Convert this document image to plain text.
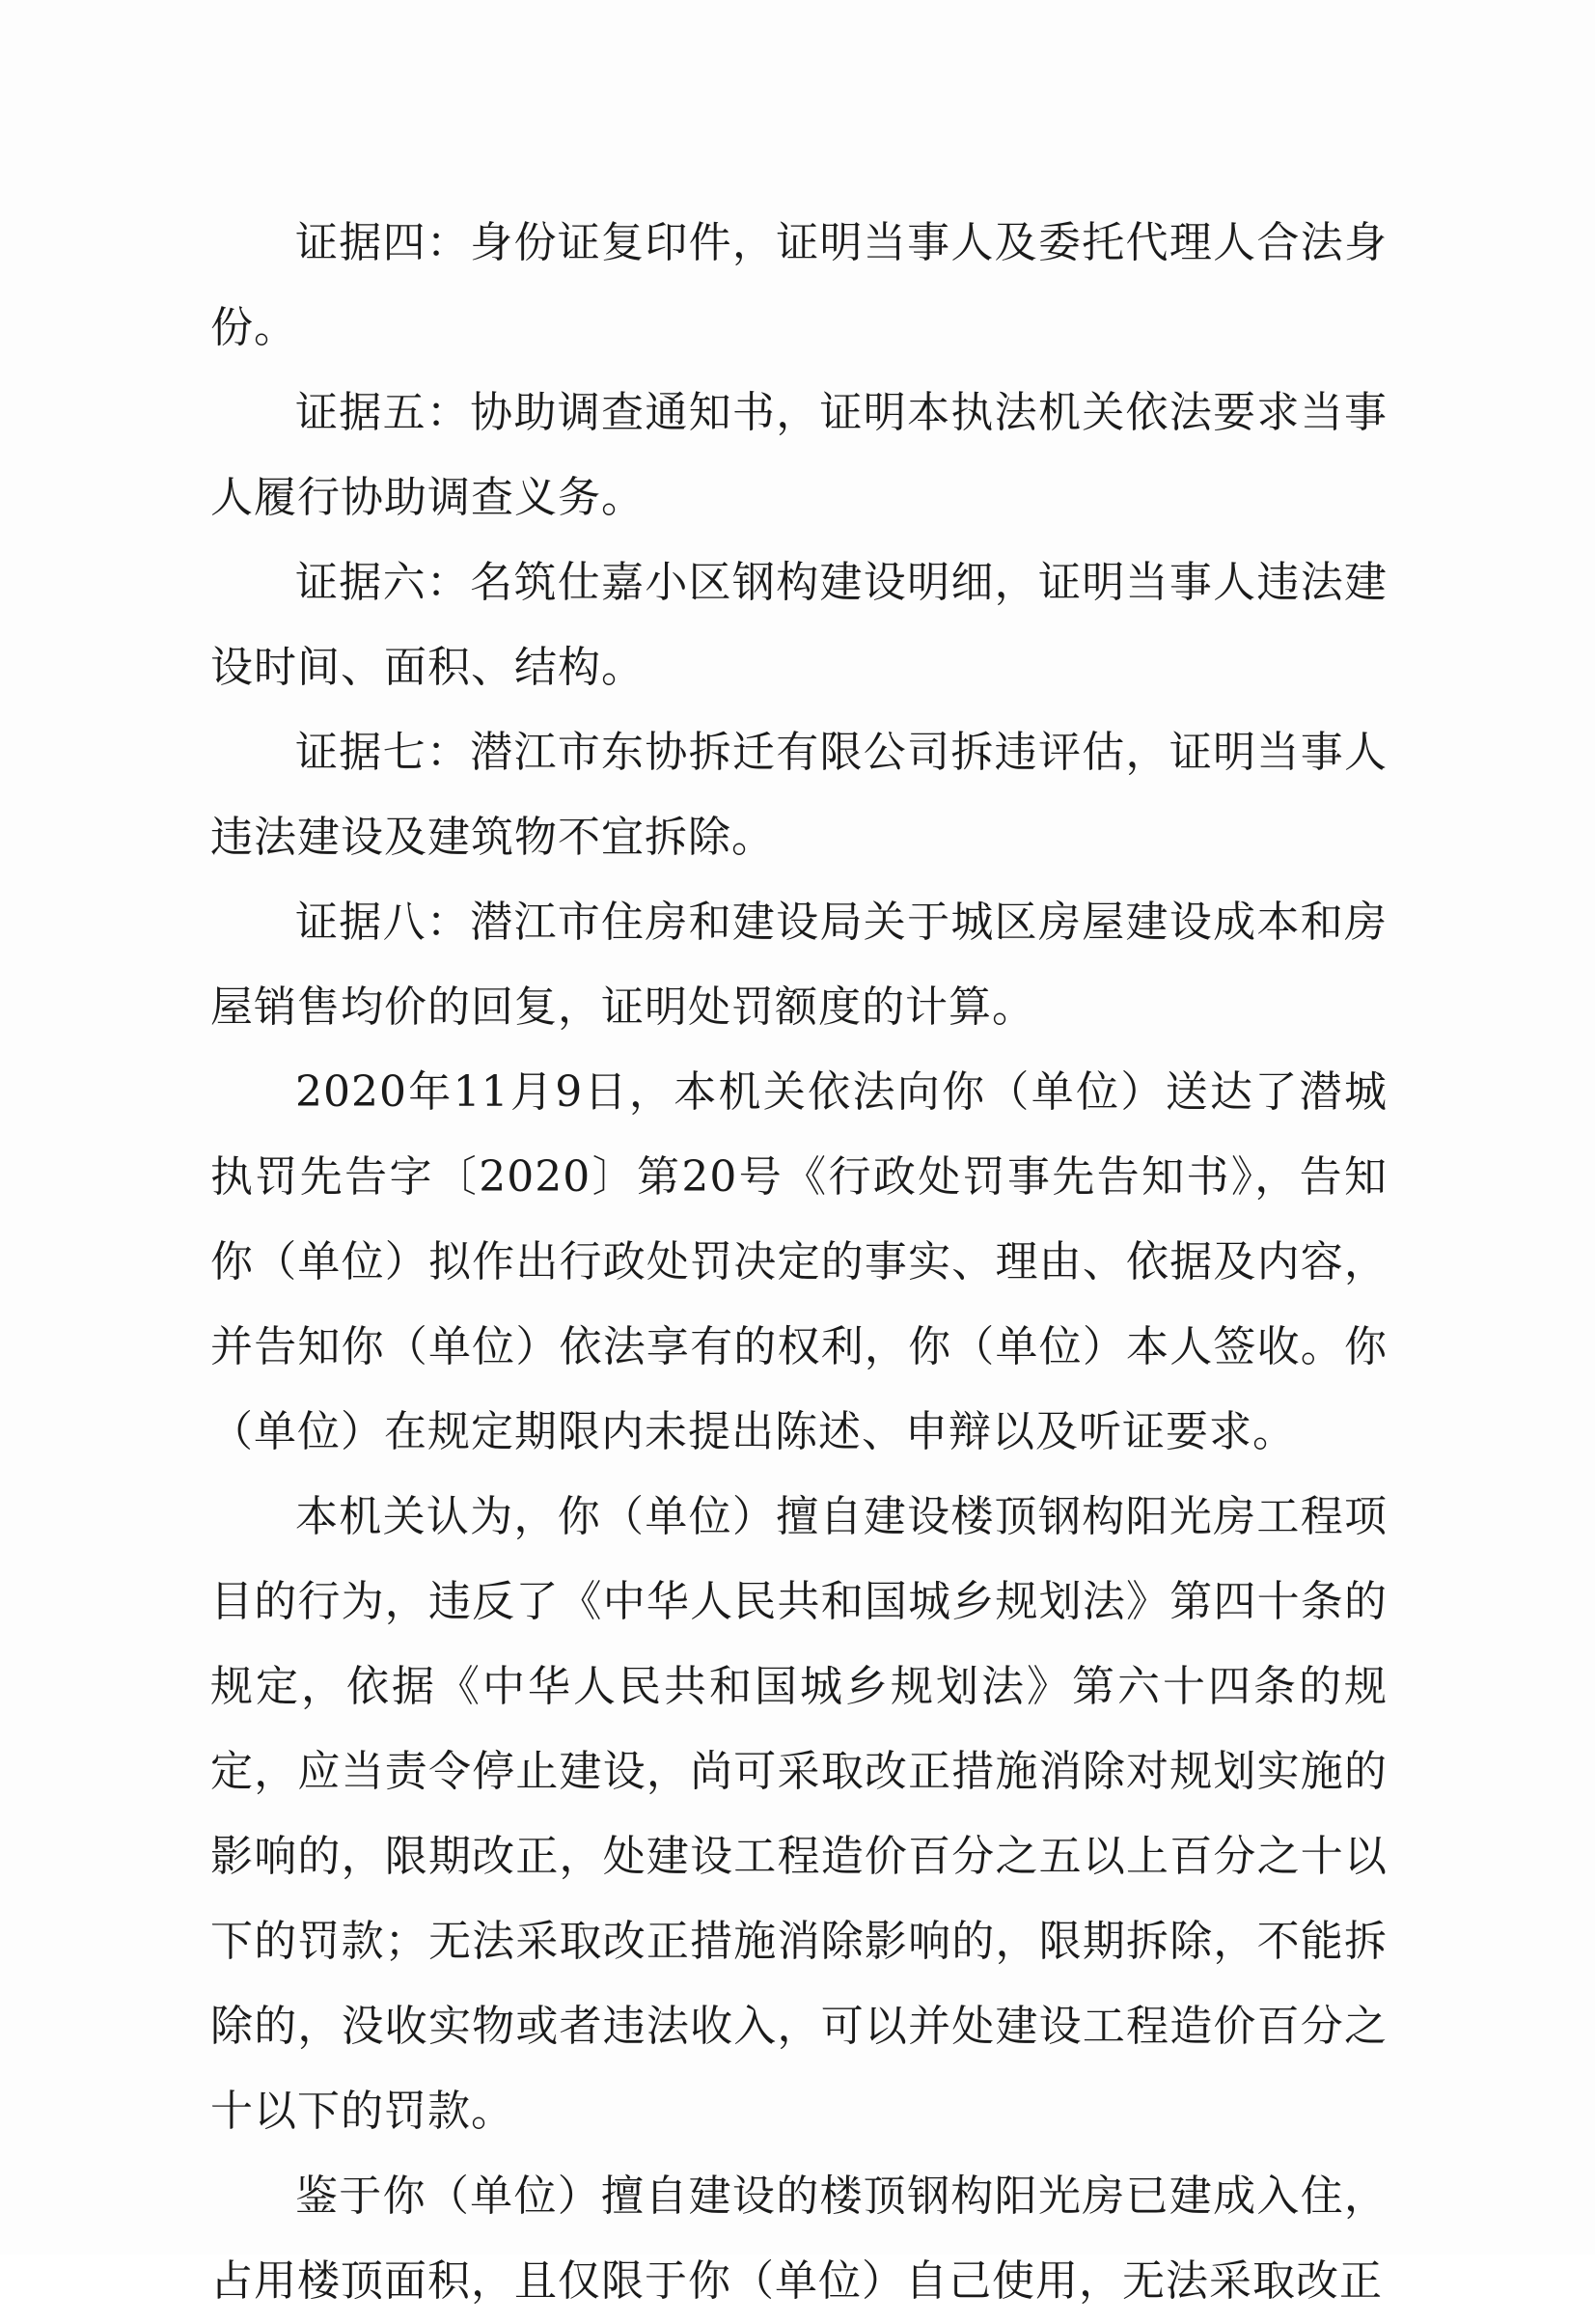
证据四：身份证复印件，证明当事人及委托代理人合法身份。

证据五：协助调查通知书，证明本执法机关依法要求当事人履行协助调查义务。

证据六：名筑仕嘉小区钢构建设明细，证明当事人违法建设时间、面积、结构。

证据七：潜江市东协拆迁有限公司拆违评估，证明当事人违法建设及建筑物不宜拆除。

证据八：潜江市住房和建设局关于城区房屋建设成本和房屋销售均价的回复，证明处罚额度的计算。

2020年11月9日，本机关依法向你（单位）送达了潜城执罚先告字〔2020〕第20号《行政处罚事先告知书》，告知你（单位）拟作出行政处罚决定的事实、理由、依据及内容，并告知你（单位）依法享有的权利，你（单位）本人签收。你（单位）在规定期限内未提出陈述、申辩以及听证要求。

本机关认为，你（单位）擅自建设楼顶钢构阳光房工程项目的行为，违反了《中华人民共和国城乡规划法》第四十条的规定，依据《中华人民共和国城乡规划法》第六十四条的规定，应当责令停止建设，尚可采取改正措施消除对规划实施的影响的，限期改正，处建设工程造价百分之五以上百分之十以下的罚款；无法采取改正措施消除影响的，限期拆除，不能拆除的，没收实物或者违法收入，可以并处建设工程造价百分之十以下的罚款。

鉴于你（单位）擅自建设的楼顶钢构阳光房已建成入住，占用楼顶面积，且仅限于你（单位）自己使用，无法采取改正
